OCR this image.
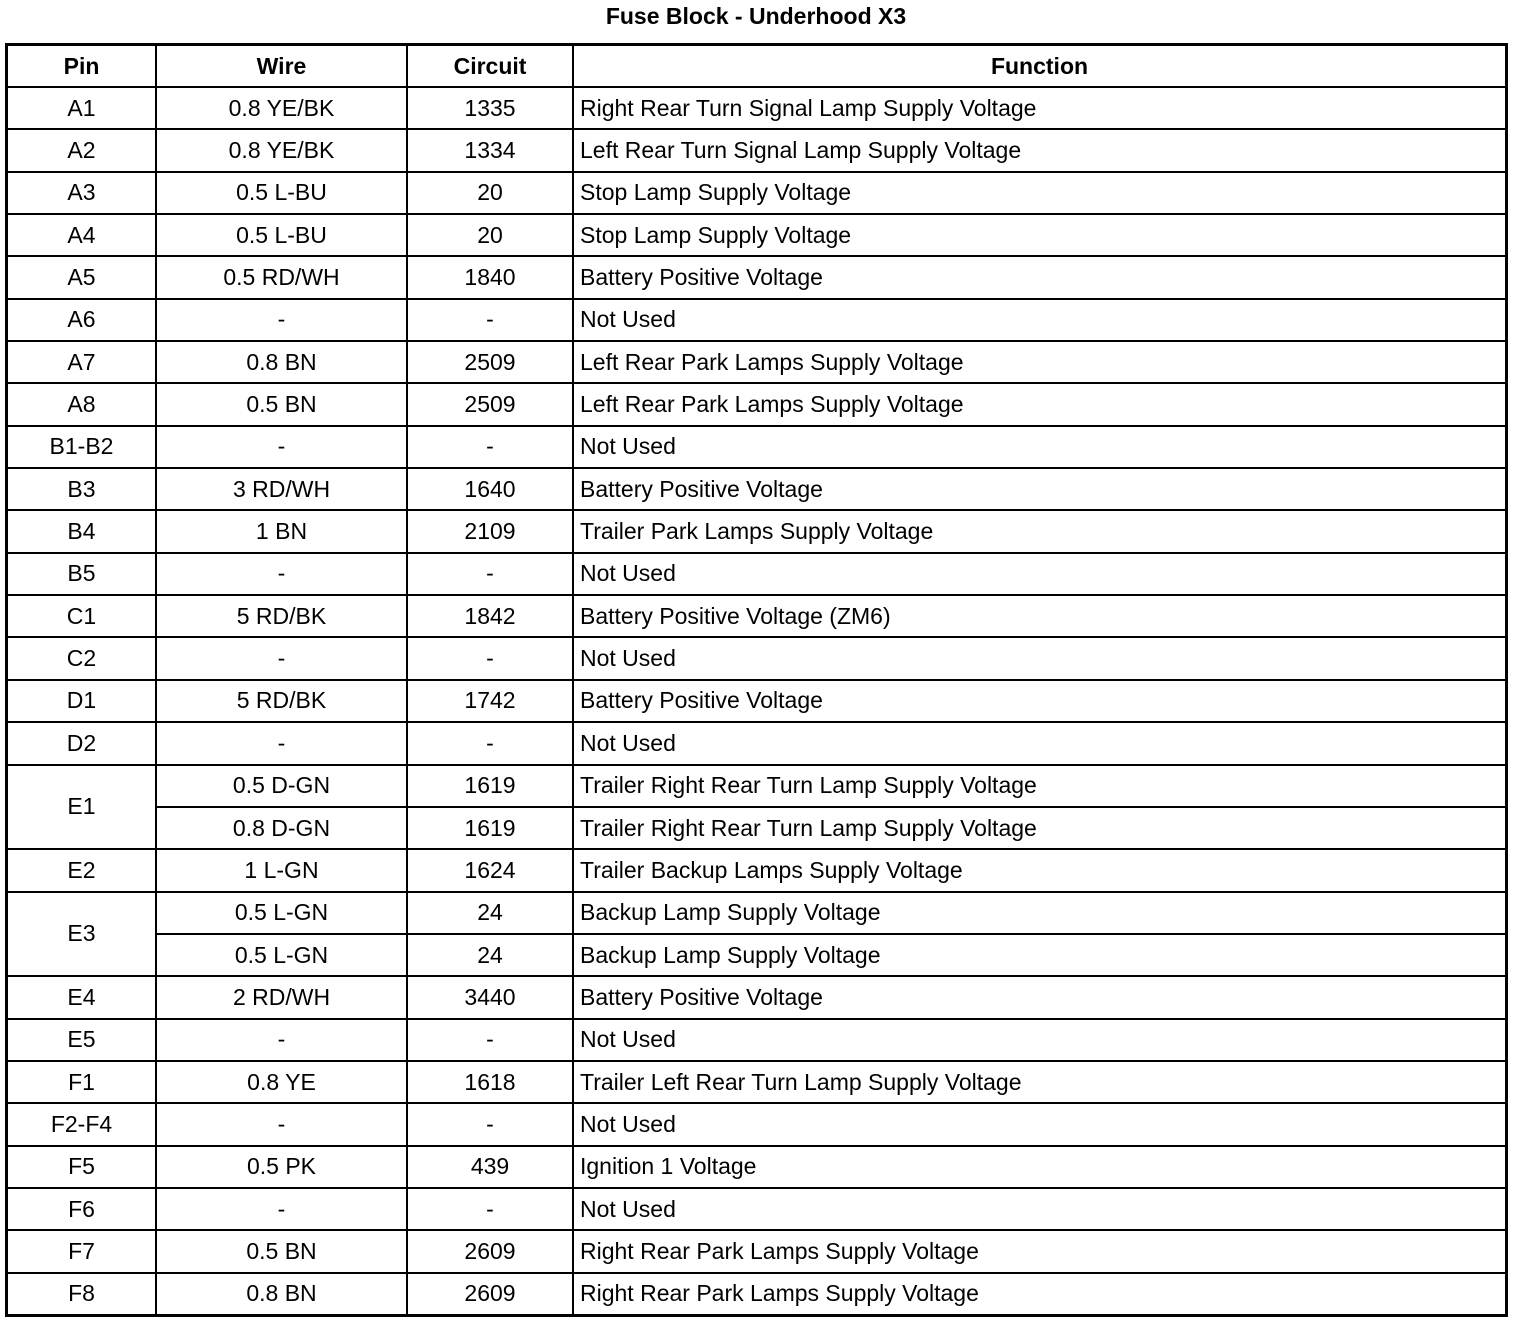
Fuse Block - Underhood X3
Pin	Wire	Circuit	Function
A1	0.8 YE/BK	1335	Right Rear Turn Signal Lamp Supply Voltage
A2	0.8 YE/BK	1334	Left Rear Turn Signal Lamp Supply Voltage
A3	0.5 L-BU	20	Stop Lamp Supply Voltage
A4	0.5 L-BU	20	Stop Lamp Supply Voltage
A5	0.5 RD/WH	1840	Battery Positive Voltage
A6	-	-	Not Used
A7	0.8 BN	2509	Left Rear Park Lamps Supply Voltage
A8	0.5 BN	2509	Left Rear Park Lamps Supply Voltage
B1-B2	-	-	Not Used
B3	3 RD/WH	1640	Battery Positive Voltage
B4	1 BN	2109	Trailer Park Lamps Supply Voltage
B5	-	-	Not Used
C1	5 RD/BK	1842	Battery Positive Voltage (ZM6)
C2	-	-	Not Used
D1	5 RD/BK	1742	Battery Positive Voltage
D2	-	-	Not Used
E1	0.5 D-GN	1619	Trailer Right Rear Turn Lamp Supply Voltage
	0.8 D-GN	1619	Trailer Right Rear Turn Lamp Supply Voltage
E2	1 L-GN	1624	Trailer Backup Lamps Supply Voltage
E3	0.5 L-GN	24	Backup Lamp Supply Voltage
	0.5 L-GN	24	Backup Lamp Supply Voltage
E4	2 RD/WH	3440	Battery Positive Voltage
E5	-	-	Not Used
F1	0.8 YE	1618	Trailer Left Rear Turn Lamp Supply Voltage
F2-F4	-	-	Not Used
F5	0.5 PK	439	Ignition 1 Voltage
F6	-	-	Not Used
F7	0.5 BN	2609	Right Rear Park Lamps Supply Voltage
F8	0.8 BN	2609	Right Rear Park Lamps Supply Voltage
